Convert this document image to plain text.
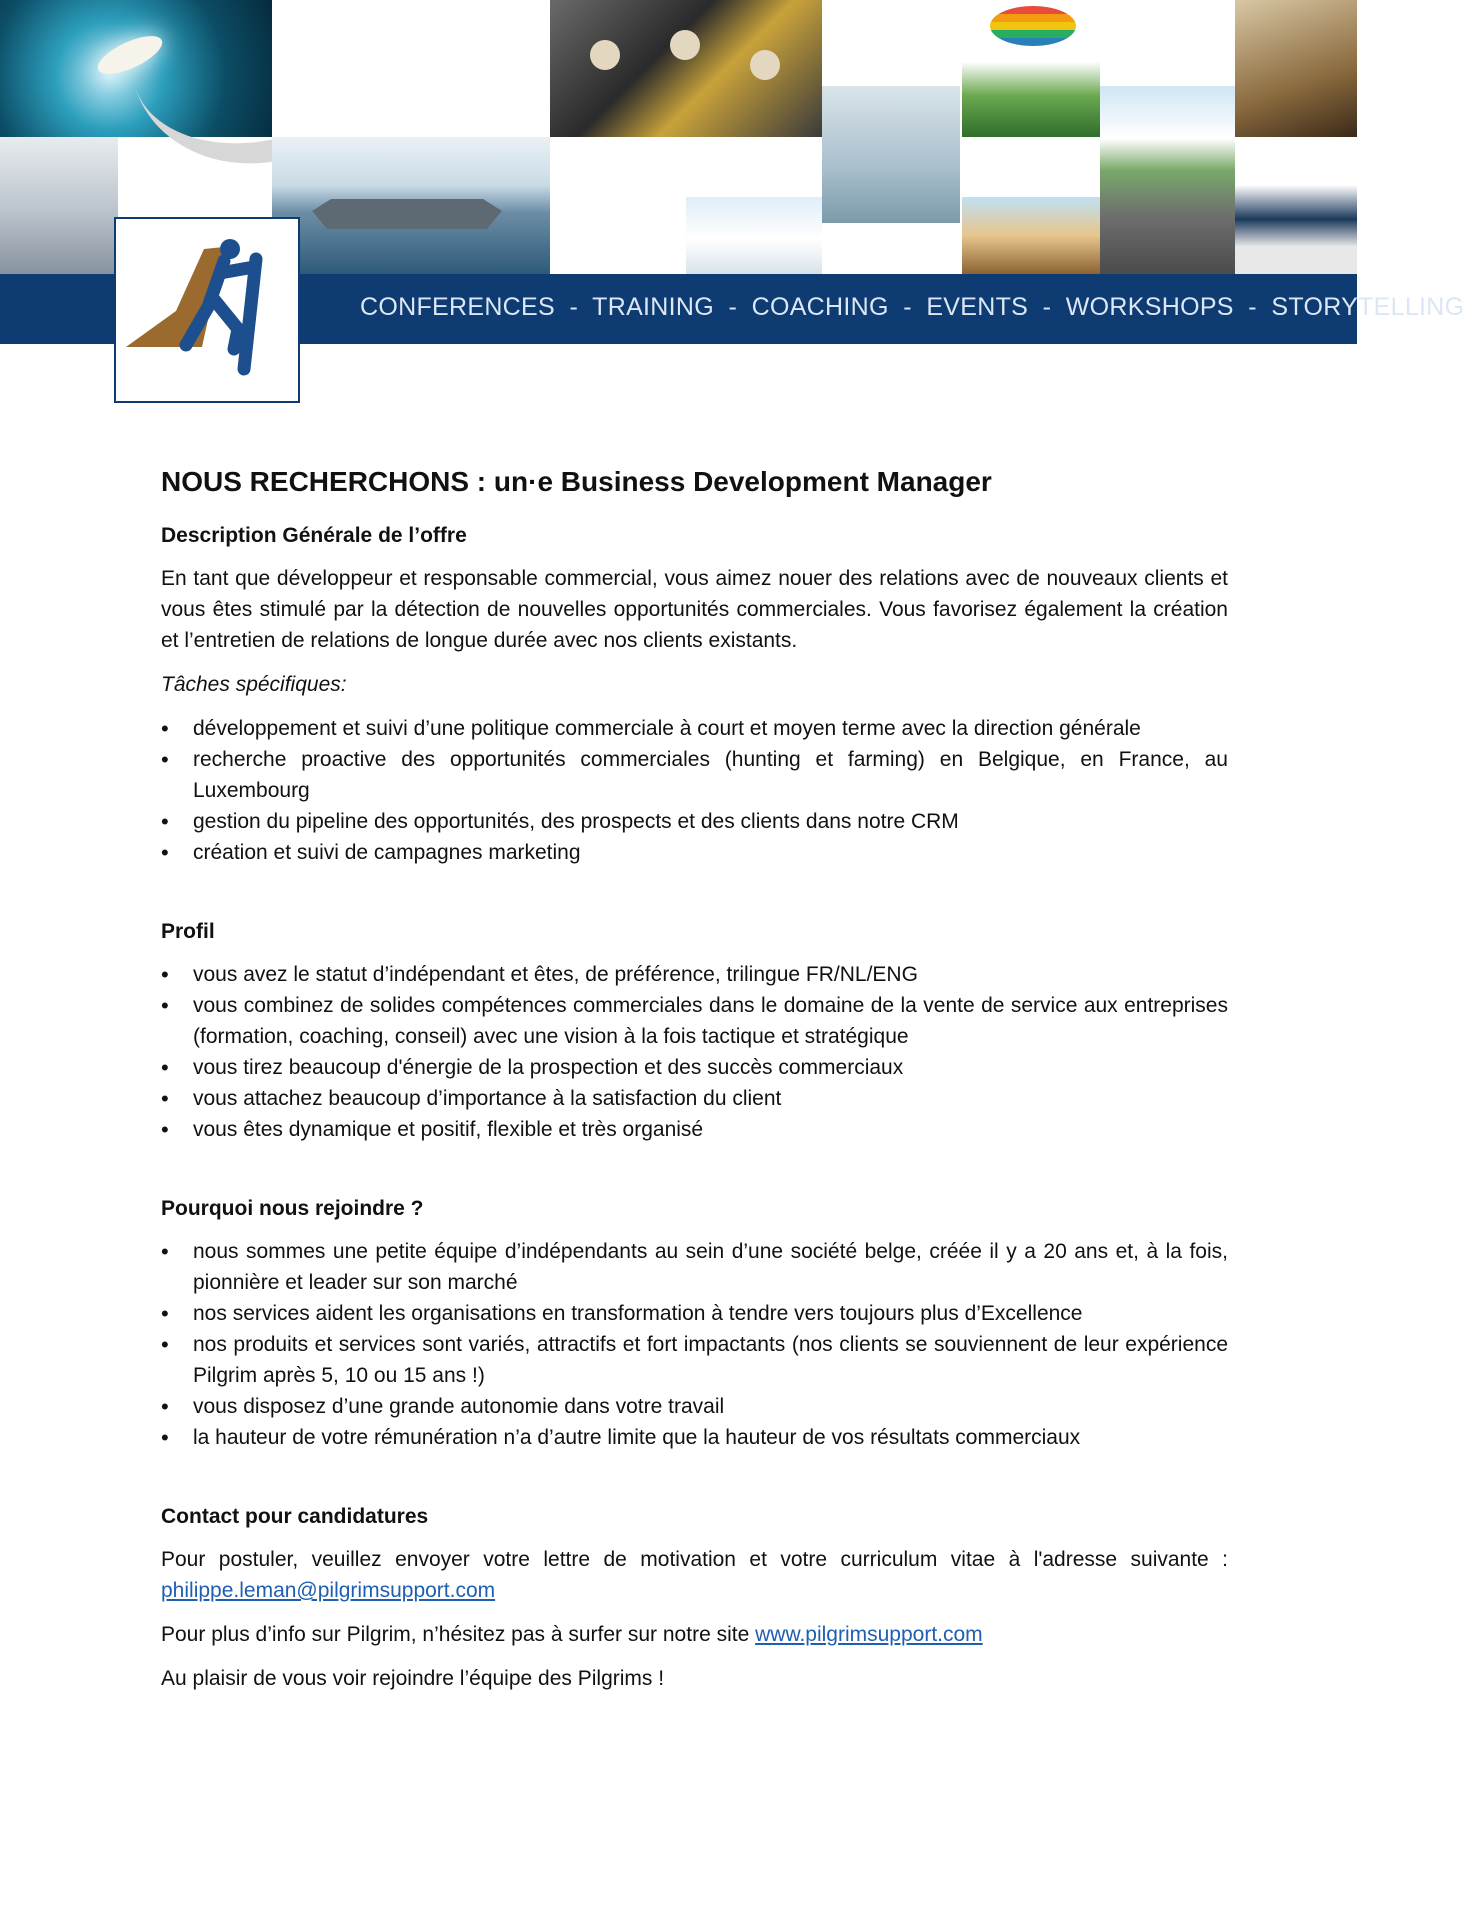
CONFERENCES  -  TRAINING  -  COACHING  -  EVENTS  -  WORKSHOPS  -  STORYTELLING
NOUS RECHERCHONS : un·e Business Development Manager
Description Générale de l’offre

En tant que développeur et responsable commercial, vous aimez nouer des relations avec de nouveaux clients et vous êtes stimulé par la détection de nouvelles opportunités commerciales. Vous favorisez également la création et l’entretien de relations de longue durée avec nos clients existants.

Tâches spécifiques:

• développement et suivi d’une politique commerciale à court et moyen terme avec la direction générale
• recherche proactive des opportunités commerciales (hunting et farming) en Belgique, en France, au Luxembourg
• gestion du pipeline des opportunités, des prospects et des clients dans notre CRM
• création et suivi de campagnes marketing
Profil
• vous avez le statut d’indépendant et êtes, de préférence, trilingue FR/NL/ENG
• vous combinez de solides compétences commerciales dans le domaine de la vente de service aux entreprises (formation, coaching, conseil) avec une vision à la fois tactique et stratégique
• vous tirez beaucoup d'énergie de la prospection et des succès commerciaux
• vous attachez beaucoup d’importance à la satisfaction du client
• vous êtes dynamique et positif, flexible et très organisé
Pourquoi nous rejoindre ?
• nous sommes une petite équipe d’indépendants au sein d’une société belge, créée il y a 20 ans et, à la fois, pionnière et leader sur son marché
• nos services aident les organisations en transformation à tendre vers toujours plus d’Excellence
• nos produits et services sont variés, attractifs et fort impactants (nos clients se souviennent de leur expérience Pilgrim après 5, 10 ou 15 ans !)
• vous disposez d’une grande autonomie dans votre travail
• la hauteur de votre rémunération n’a d’autre limite que la hauteur de vos résultats commerciaux
Contact pour candidatures

Pour postuler, veuillez envoyer votre lettre de motivation et votre curriculum vitae à l'adresse suivante : philippe.leman@pilgrimsupport.com

Pour plus d’info sur Pilgrim, n’hésitez pas à surfer sur notre site www.pilgrimsupport.com

Au plaisir de vous voir rejoindre l’équipe des Pilgrims !
